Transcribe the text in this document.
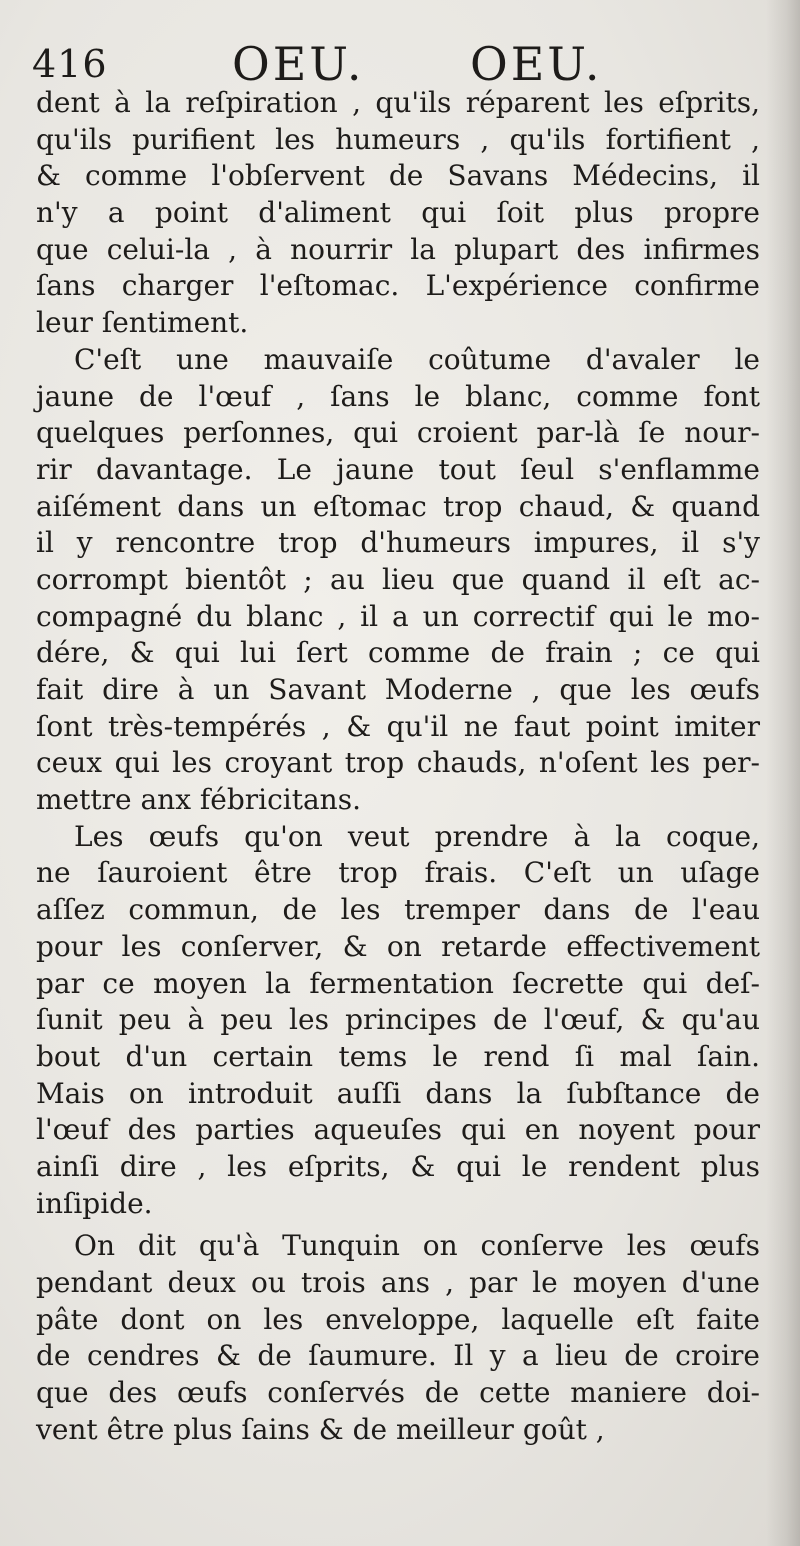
416	OEU. OEU.
dent à la reſpiration , qu'ils réparent les eſprits,
qu'ils purifient les humeurs , qu'ils fortifient ,
& comme l'obſervent de Savans Médecins, il
n'y a point d'aliment qui ſoit plus propre
que celui-la , à nourrir la plupart des infirmes
ſans charger l'eſtomac. L'expérience confirme
leur ſentiment.
C'eſt une mauvaiſe coûtume d'avaler le
jaune de l'œuf , ſans le blanc, comme font
quelques perſonnes, qui croient par-là ſe nour-
rir davantage. Le jaune tout ſeul s'enflamme
aiſément dans un eſtomac trop chaud, & quand
il y rencontre trop d'humeurs impures, il s'y
corrompt bientôt ; au lieu que quand il eſt ac-
compagné du blanc , il a un correctif qui le mo-
dére, & qui lui ſert comme de frain ; ce qui
fait dire à un Savant Moderne , que les œufs
ſont très-tempérés , & qu'il ne faut point imiter
ceux qui les croyant trop chauds, n'oſent les per-
mettre anx fébricitans.
Les œufs qu'on veut prendre à la coque,
ne ſauroient être trop frais. C'eſt un uſage
aſſez commun, de les tremper dans de l'eau
pour les conſerver, & on retarde effectivement
par ce moyen la fermentation ſecrette qui deſ-
ſunit peu à peu les principes de l'œuf, & qu'au
bout d'un certain tems le rend ſi mal ſain.
Mais on introduit auſſi dans la ſubſtance de
l'œuf des parties aqueuſes qui en noyent pour
ainſi dire , les eſprits, & qui le rendent plus
inſipide.
On dit qu'à Tunquin on conſerve les œufs
pendant deux ou trois ans , par le moyen d'une
pâte dont on les enveloppe, laquelle eſt faite
de cendres & de ſaumure. Il y a lieu de croire
que des œufs conſervés de cette maniere doi-
vent être plus ſains & de meilleur goût ,
